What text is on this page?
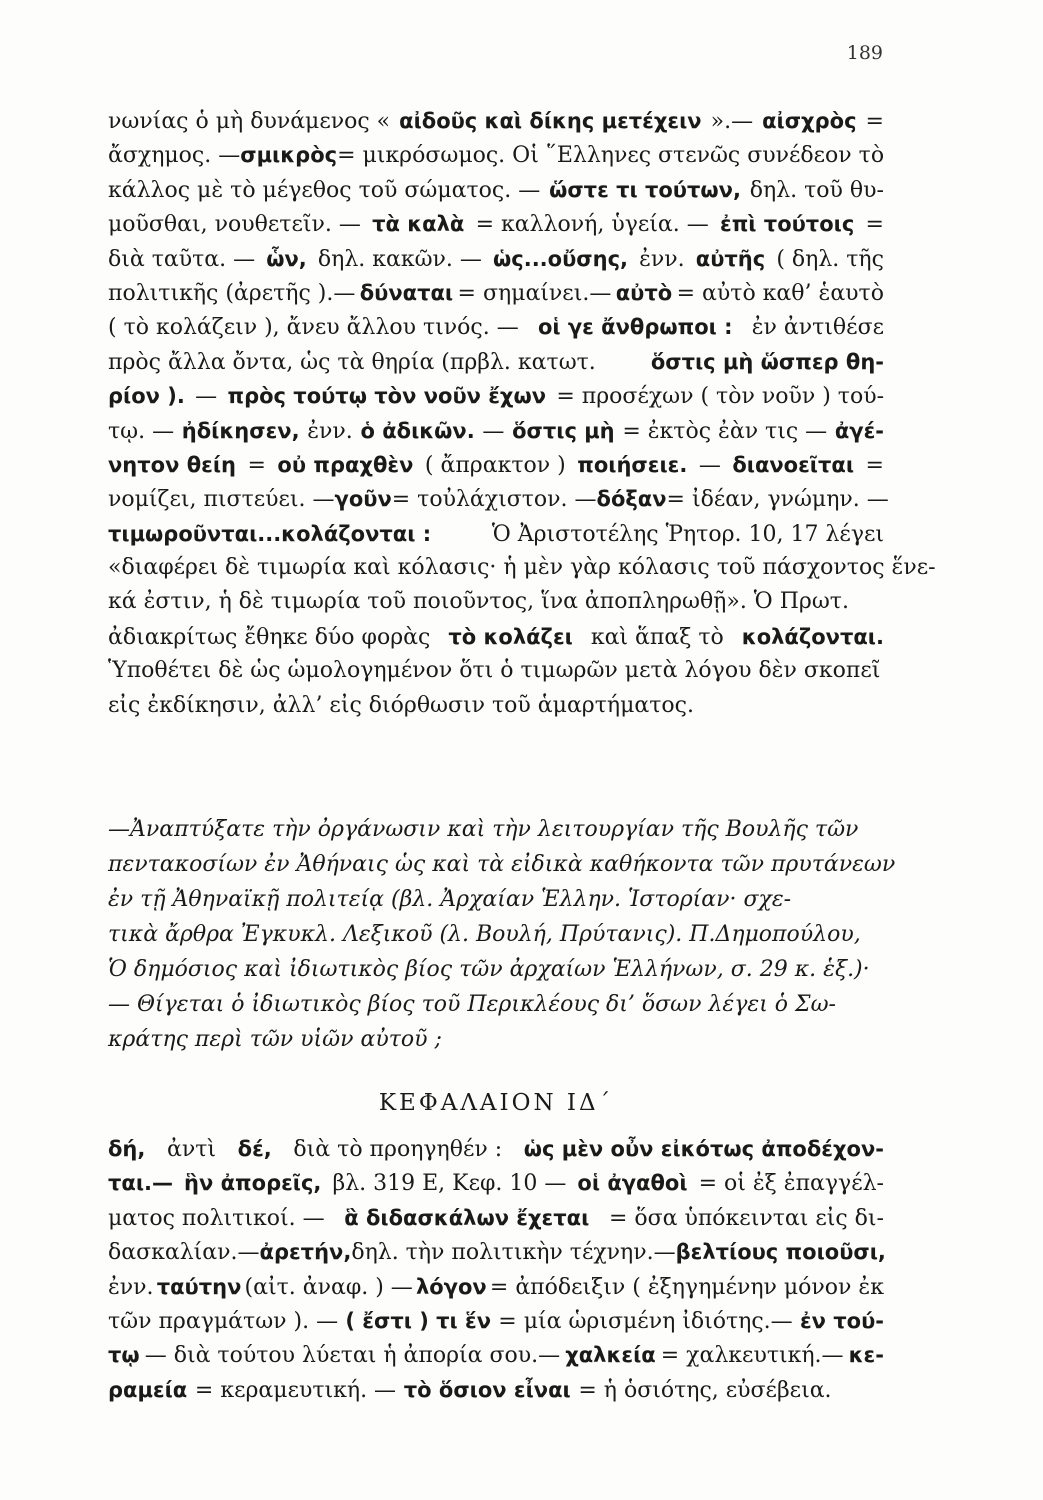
189
νωνίας ὁ μὴ δυνάμενος « αἰδοῦς καὶ δίκης μετέχειν ».— αἰσχρὸς =
ἄσχημος. — σμικρὸς = μικρόσωμος. Οἱ ῞Ελληνες στενῶς συνέδεον τὸ
κάλλος μὲ τὸ μέγεθος τοῦ σώματος. — ὥστε τι τούτων, δηλ. τοῦ θυ-
μοῦσθαι, νουθετεῖν. — τὰ καλὰ = καλλονή, ὑγεία. — ἐπὶ τούτοις =
διὰ ταῦτα. — ὧν, δηλ. κακῶν. — ὡς...οὔσης, ἐνν. αὐτῆς ( δηλ. τῆς
πολιτικῆς (ἀρετῆς ).— δύναται = σημαίνει.— αὐτὸ = αὐτὸ καθ’ ἑαυτὸ
( τὸ κολάζειν ), ἄνευ ἄλλου τινός. — οἱ γε ἄνθρωποι : ἐν ἀντιθέσε
πρὸς ἄλλα ὄντα, ὡς τὰ θηρία (πρβλ. κατωτ.	ὅστις μὴ ὥσπερ θη-
ρίον ). — πρὸς τούτῳ τὸν νοῦν ἔχων = προσέχων ( τὸν νοῦν ) τού-
τῳ. — ἠδίκησεν, ἐνν. ὁ ἀδικῶν. — ὅστις μὴ = ἐκτὸς ἐὰν τις — ἀγέ-
νητον θείη = οὐ πραχθὲν ( ἄπρακτον ) ποιήσειε. — διανοεῖται =
νομίζει, πιστεύει. — γοῦν = τοὐλάχιστον. — δόξαν = ἰδέαν, γνώμην. —
τιμωροῦνται...κολάζονται :	Ὁ Ἀριστοτέλης Ῥητορ. 10, 17 λέγει
«διαφέρει δὲ τιμωρία καὶ κόλασις· ἡ μὲν γὰρ κόλασις τοῦ πάσχοντος ἕνε-
κά ἐστιν, ἡ δὲ τιμωρία τοῦ ποιοῦντος, ἵνα ἀποπληρωθῇ». Ὁ Πρωτ.
ἀδιακρίτως ἔθηκε δύο φορὰς τὸ κολάζει καὶ ἅπαξ τὸ κολάζονται.
Ὑποθέτει δὲ ὡς ὡμολογημένον ὅτι ὁ τιμωρῶν μετὰ λόγου δὲν σκοπεῖ
εἰς ἐκδίκησιν, ἀλλ’ εἰς διόρθωσιν τοῦ ἁμαρτήματος.
—Ἀναπτύξατε τὴν ὀργάνωσιν καὶ τὴν λειτουργίαν τῆς Βουλῆς τῶν
πεντακοσίων ἐν Ἀθήναις ὡς καὶ τὰ εἰδικὰ καθήκοντα τῶν πρυτάνεων
ἐν τῇ Ἀθηναϊκῇ πολιτείᾳ (βλ. Ἀρχαίαν Ἑλλην. Ἱστορίαν· σχε-
τικὰ ἄρθρα Ἐγκυκλ. Λεξικοῦ (λ. Βουλή, Πρύτανις). Π.Δημοπούλου,
Ὁ δημόσιος καὶ ἰδιωτικὸς βίος τῶν ἀρχαίων Ἑλλήνων, σ. 29 κ. ἑξ.)·
— Θίγεται ὁ ἰδιωτικὸς βίος τοῦ Περικλέους δι’ ὅσων λέγει ὁ Σω-
κράτης περὶ τῶν υἱῶν αὐτοῦ ;
ΚΕΦΑΛΑΙΟΝ ΙΔ΄
δή, ἀντὶ δέ, διὰ τὸ προηγηθέν : ὡς μὲν οὖν εἰκότως ἀποδέχον-
ται.— ἣν ἀπορεῖς, βλ. 319 Ε, Κεφ. 10 — οἱ ἀγαθοὶ = οἱ ἐξ ἐπαγγέλ-
ματος πολιτικοί. — ἃ διδασκάλων ἔχεται = ὅσα ὑπόκεινται εἰς δι-
δασκαλίαν.— ἀρετήν, δηλ. τὴν πολιτικὴν τέχνην.— βελτίους ποιοῦσι,
ἐνν. ταύτην (αἰτ. ἀναφ. ) — λόγον = ἀπόδειξιν ( ἐξηγημένην μόνον ἐκ
τῶν πραγμάτων ). — ( ἔστι ) τι ἕν = μία ὡρισμένη ἰδιότης.— ἐν τού-
τῳ — διὰ τούτου λύεται ἡ ἀπορία σου.— χαλκεία = χαλκευτική.— κε-
ραμεία = κεραμευτική. — τὸ ὅσιον εἶναι = ἡ ὁσιότης, εὐσέβεια.
